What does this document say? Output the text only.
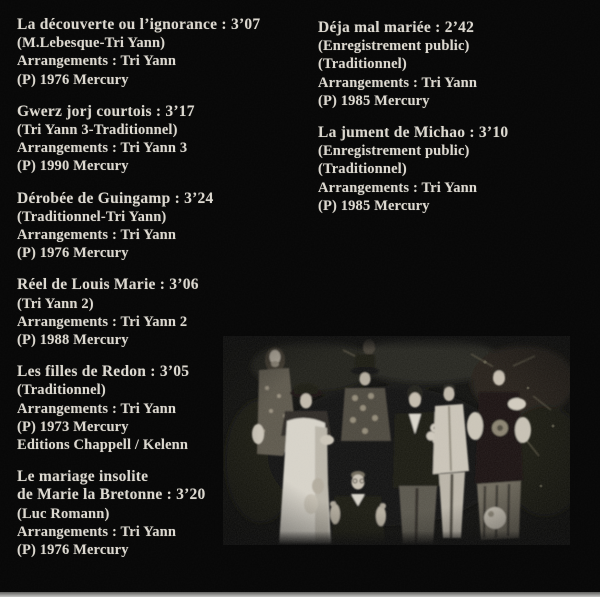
La découverte ou l’ignorance : 3’07
(M.Lebesque-Tri Yann)
Arrangements : Tri Yann
(P) 1976 Mercury
Gwerz jorj courtois : 3’17
(Tri Yann 3-Traditionnel)
Arrangements : Tri Yann 3
(P) 1990 Mercury
Dérobée de Guingamp : 3’24
(Traditionnel-Tri Yann)
Arrangements : Tri Yann
(P) 1976 Mercury
Réel de Louis Marie : 3’06
(Tri Yann 2)
Arrangements : Tri Yann 2
(P) 1988 Mercury
Les filles de Redon : 3’05
(Traditionnel)
Arrangements : Tri Yann
(P) 1973 Mercury
Editions Chappell / Kelenn
Le mariage insolite
de Marie la Bretonne : 3’20
(Luc Romann)
Arrangements : Tri Yann
(P) 1976 Mercury
Déja mal mariée : 2’42
(Enregistrement public)
(Traditionnel)
Arrangements : Tri Yann
(P) 1985 Mercury
La jument de Michao : 3’10
(Enregistrement public)
(Traditionnel)
Arrangements : Tri Yann
(P) 1985 Mercury
